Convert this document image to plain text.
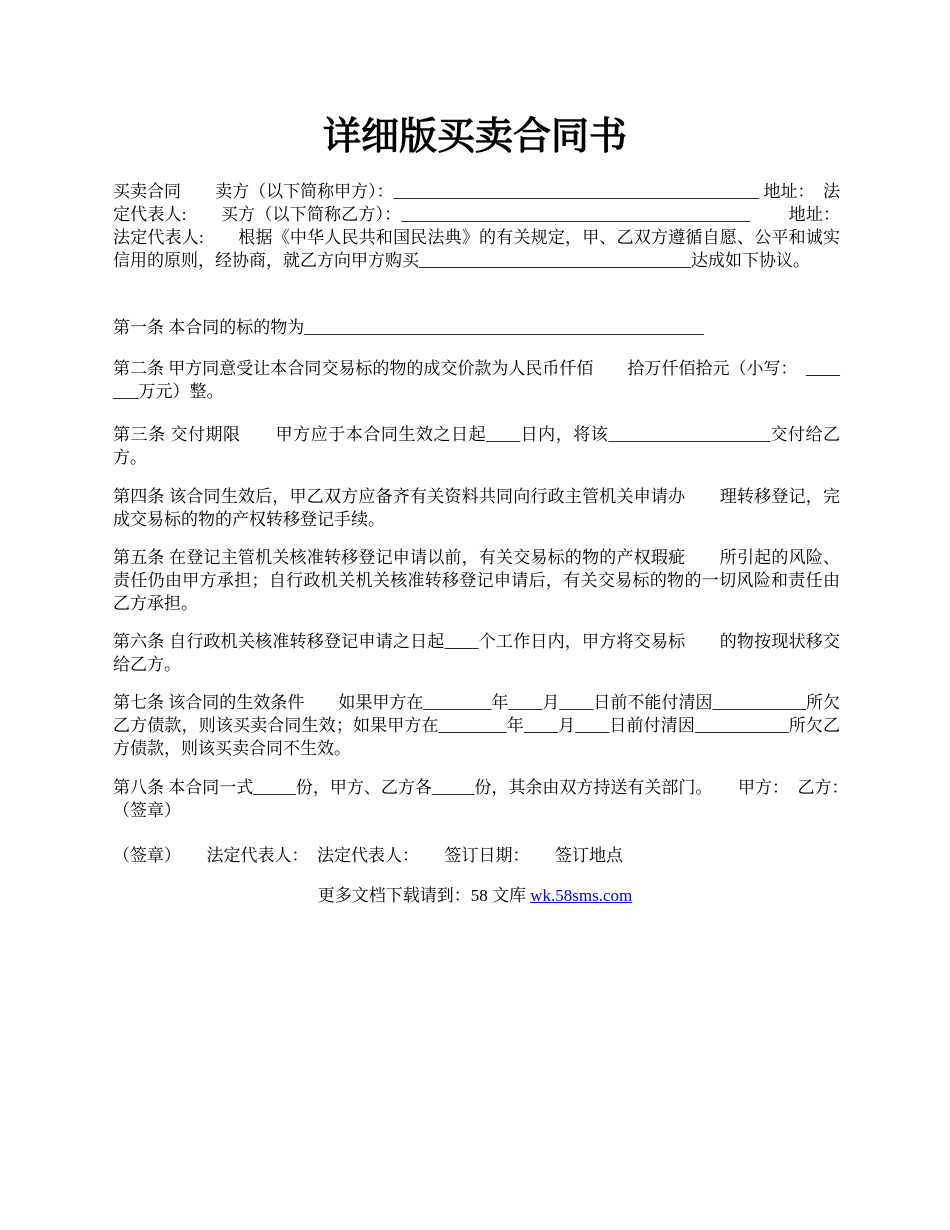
详细版买卖合同书
买卖合同　　卖方（以下简称甲方）：___________________________________________ 地址：  法定代表人:　　买方（以下简称乙方）：_________________________________________ 　　地址：  法定代表人:　　根据《中华人民共和国民法典》的有关规定，甲、乙双方遵循自愿、公平和诚实信用的原则，经协商，就乙方向甲方购买________________________________达成如下协议。
第一条 本合同的标的物为_______________________________________________
第二条 甲方同意受让本合同交易标的物的成交价款为人民币仟佰　　拾万仟佰拾元（小写：  _______万元）整。
第三条 交付期限　　甲方应于本合同生效之日起____日内，将该___________________交付给乙方。
第四条 该合同生效后，甲乙双方应备齐有关资料共同向行政主管机关申请办　　理转移登记，完成交易标的物的产权转移登记手续。
第五条 在登记主管机关核准转移登记申请以前，有关交易标的物的产权瑕疵　　所引起的风险、责任仍由甲方承担；自行政机关机关核准转移登记申请后，有关交易标的物的一切风险和责任由乙方承担。
第六条 自行政机关核准转移登记申请之日起____个工作日内，甲方将交易标　　的物按现状移交给乙方。
第七条 该合同的生效条件　　如果甲方在________年____月____日前不能付清因___________所欠乙方债款，则该买卖合同生效；如果甲方在________年____月____日前付清因___________所欠乙方债款，则该买卖合同不生效。
第八条 本合同一式_____份，甲方、乙方各_____份，其余由双方持送有关部门。　　甲方：  乙方：　　（签章）
（签章）　　法定代表人：  法定代表人：　　签订日期：　　签订地点
更多文档下载请到：58 文库 wk.58sms.com
